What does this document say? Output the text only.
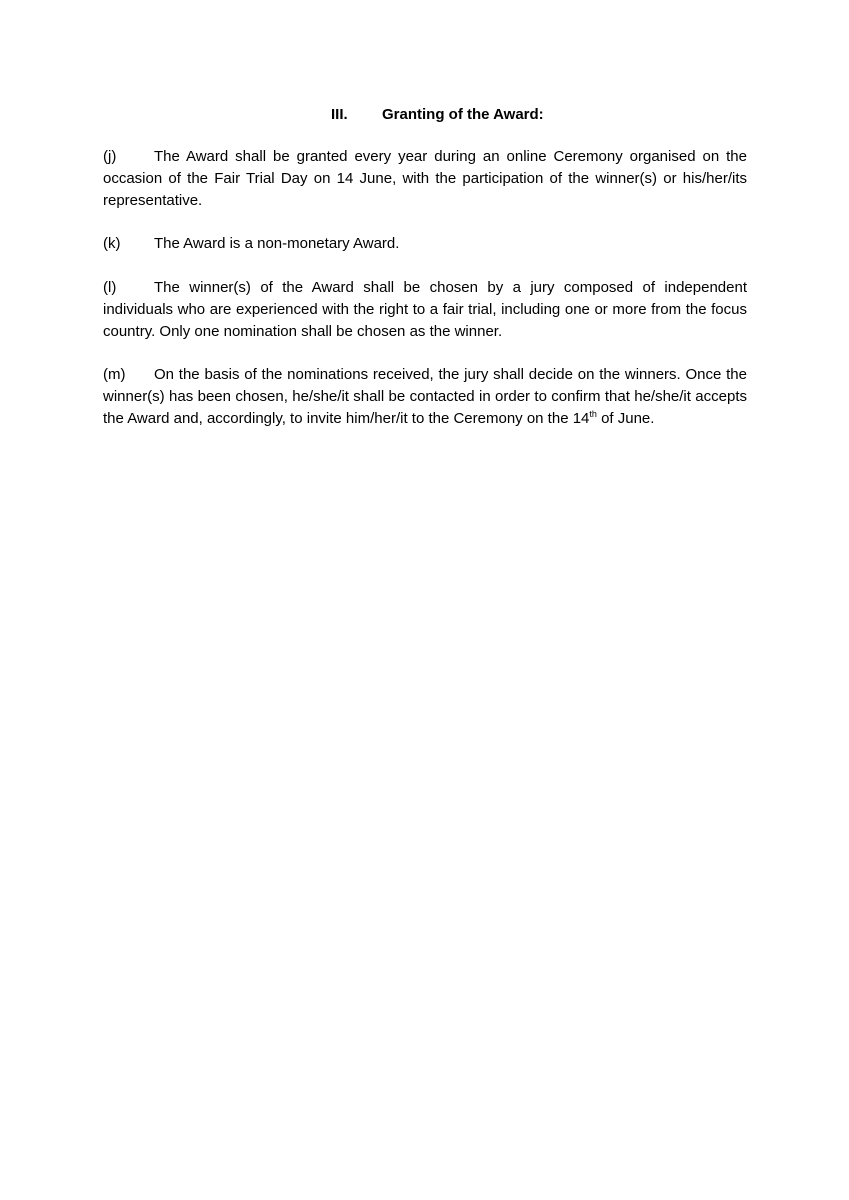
III. Granting of the Award:

(j)	The Award shall be granted every year during an online Ceremony organised on the occasion of the Fair Trial Day on 14 June, with the participation of the winner(s) or his/her/its representative.

(k) The Award is a non-monetary Award.

(l)	The winner(s) of the Award shall be chosen by a jury composed of independent individuals who are experienced with the right to a fair trial, including one or more from the focus country. Only one nomination shall be chosen as the winner.

(m) On the basis of the nominations received, the jury shall decide on the winners. Once the winner(s) has been chosen, he/she/it shall be contacted in order to confirm that he/she/it accepts the Award and, accordingly, to invite him/her/it to the Ceremony on the 14th of June.
